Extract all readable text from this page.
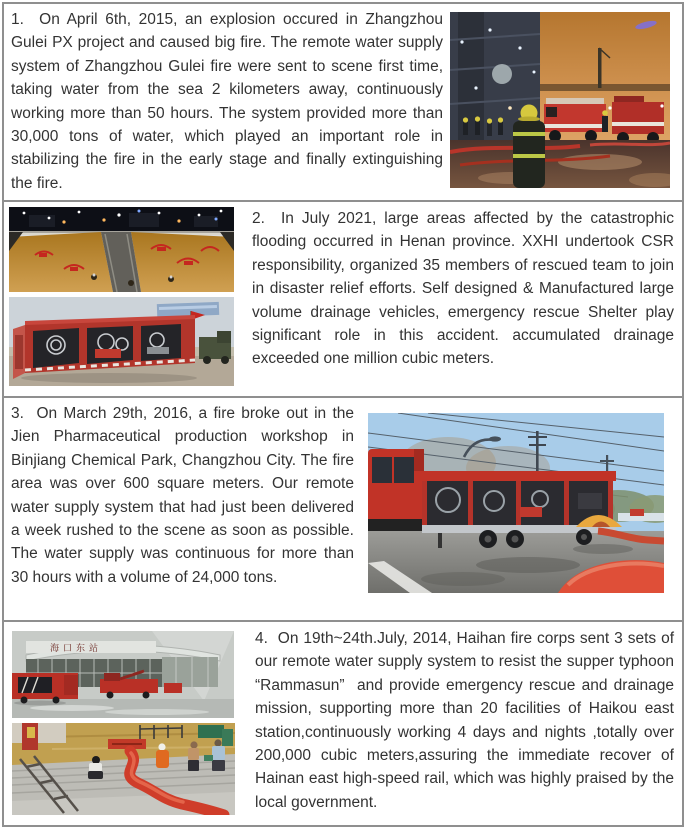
1.  On April 6th, 2015, an explosion occured in Zhangzhou Gulei PX project and caused big fire. The remote water supply system of Zhangzhou Gulei fire were sent to scene first time, taking water from the sea 2 kilometers away, continuously working more than 50 hours. The system provided more than 30,000 tons of water, which played an important role in stabilizing the fire in the early stage and finally extinguishing the fire.

2.  In July 2021, large areas affected by the catastrophic flooding occurred in Henan province. XXHI undertook CSR responsibility, organized 35 members of rescued team to join in disaster relief efforts. Self designed & Manufactured large volume drainage vehicles, emergency rescue Shelter play significant role in this accident. accumulated drainage exceeded one million cubic meters.

3.  On March 29th, 2016, a fire broke out in the Jien Pharmaceutical production workshop in Binjiang Chemical Park, Changzhou City. The fire area was over 600 square meters. Our remote water supply system that had just been delivered a week rushed to the scene as soon as possible. The water supply was continuous for more than 30 hours with a volume of 24,000 tons.

海口东站

4.  On 19th~24th.July, 2014, Haihan fire corps sent 3 sets of our remote water supply system to resist the supper typhoon “Rammasun”  and provide emergency rescue and drainage mission, supporting more than 20 facilities of Haikou east station,continuously working 4 days and nights ,totally over 200,000 cubic meters,assuring the immediate recover of Hainan east high-speed rail, which was highly praised by the local government.
